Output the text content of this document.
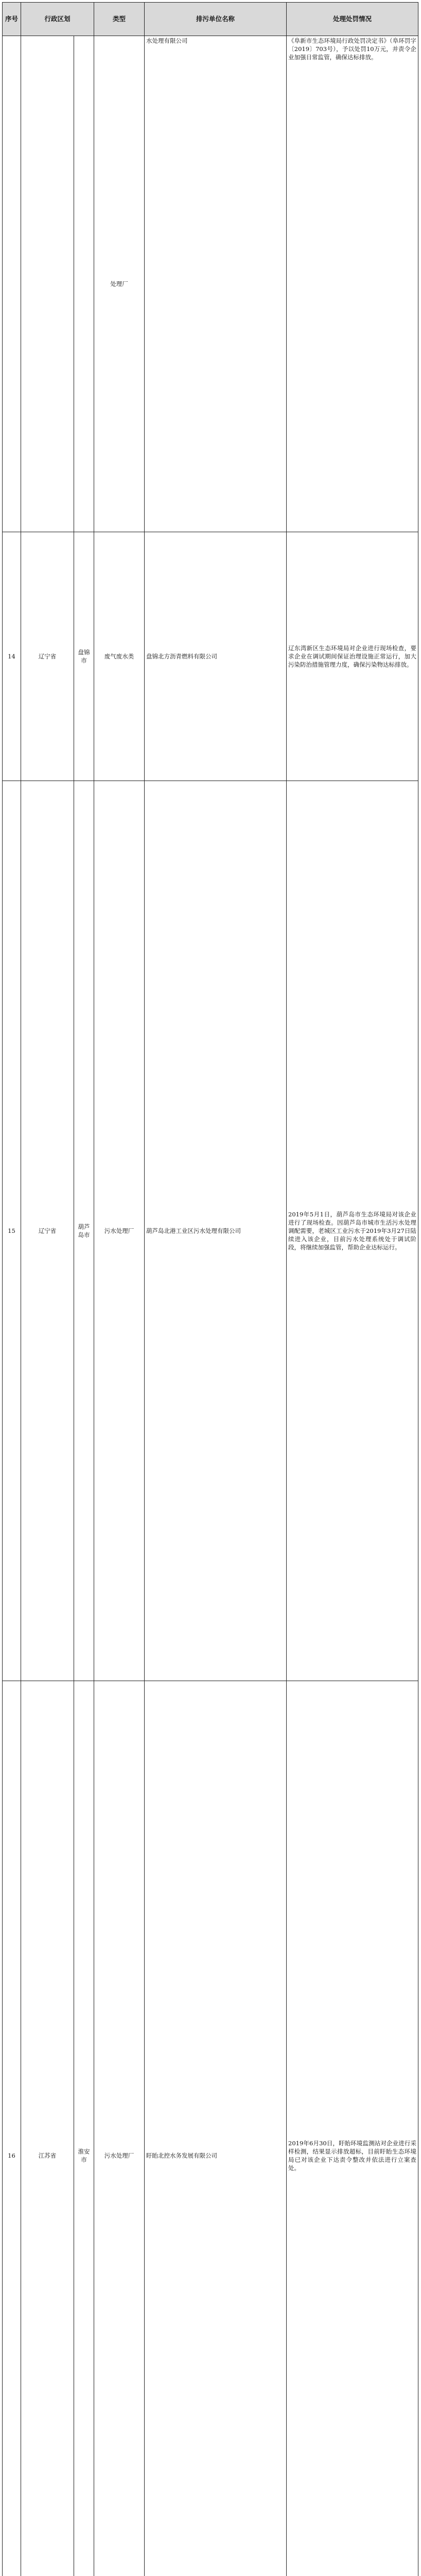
序号	行政区划		类型	排污单位名称	处理处罚情况	
			处理厂	水处理有限公司	《阜新市生态环境局行政处罚决定书》（阜环罚字〔2019〕703号），予以处罚10万元，并责令企业加强日常监管，确保达标排放。	
14	辽宁省	盘锦市	废气废水类	盘锦北方沥青燃料有限公司	辽东湾新区生态环境局对企业进行现场检查，要求企业在调试期间保证治理设施正常运行，加大污染防治措施管理力度，确保污染物达标排放。	
15	辽宁省	葫芦岛市	污水处理厂	葫芦岛北港工业区污水处理有限公司	2019年5月1日，葫芦岛市生态环境局对该企业进行了现场检查。因葫芦岛市城市生活污水处理调配需要，老城区工业污水于2019年3月27日陆续进入该企业，目前污水处理系统处于调试阶段，将继续加强监管，帮助企业达标运行。	
16	江苏省	淮安市	污水处理厂	盱眙北控水务发展有限公司	2019年6月30日，盱眙环境监测站对企业进行采样检测，结果显示排放超标，目前盱眙生态环境局已对该企业下达责令整改并依法进行立案查处。	
